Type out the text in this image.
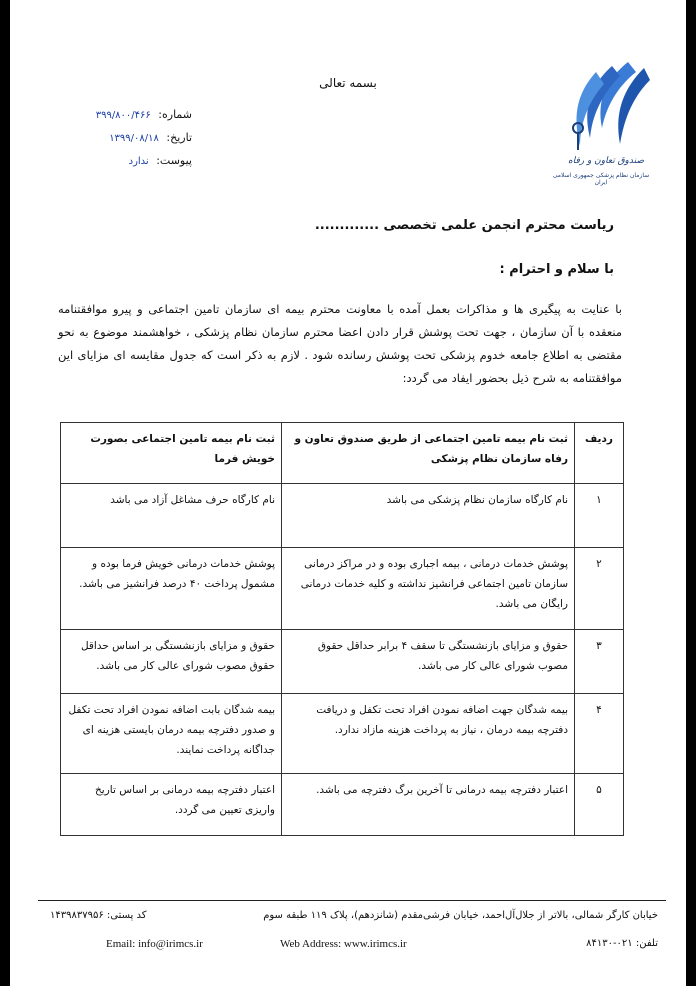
بسمه تعالی
صندوق تعاون و رفاه
سازمان نظام پزشکی جمهوری اسلامی ایران
شماره: ۳۹۹/۸۰۰/۴۶۶
تاریخ: ۱۳۹۹/۰۸/۱۸
پیوست: ندارد
ریاست محترم انجمن علمی تخصصی .............
با سلام و احترام :
با عنایت به پیگیری ها و مذاکرات بعمل آمده با معاونت محترم بیمه ای سازمان تامین اجتماعی و پیرو موافقتنامه منعقده با آن سازمان ، جهت تحت پوشش قرار دادن اعضا محترم سازمان نظام پزشکی ، خواهشمند موضوع به نحو مقتضی به اطلاع جامعه خدوم پزشکی تحت پوشش رسانده شود . لازم به ذکر است که جدول مقایسه ای مزایای این موافقتنامه به شرح ذیل بحضور ایفاد می گردد:
ردیف	ثبت نام بیمه تامین اجتماعی از طریق صندوق تعاون و رفاه سازمان نظام پزشکی	ثبت نام بیمه تامین اجتماعی بصورت خویش فرما
۱	نام کارگاه سازمان نظام پزشکی می باشد	نام کارگاه حرف مشاغل آزاد می باشد
۲	پوشش خدمات درمانی ، بیمه اجباری بوده و در مراکز درمانی سازمان تامین اجتماعی فرانشیز نداشته و کلیه خدمات درمانی رایگان می باشد.	پوشش خدمات درمانی خویش فرما بوده و مشمول پرداخت ۴۰ درصد فرانشیز می باشد.
۳	حقوق و مزایای بازنشستگی تا سقف ۴ برابر حداقل حقوق مصوب شورای عالی کار می باشد.	حقوق و مزایای بازنشستگی بر اساس حداقل حقوق مصوب شورای عالی کار می باشد.
۴	بیمه شدگان جهت اضافه نمودن افراد تحت تکفل و دریافت دفترچه بیمه درمان ، نیاز به پرداخت هزینه مازاد ندارد.	بیمه شدگان بابت اضافه نمودن افراد تحت تکفل و صدور دفترچه بیمه درمان بایستی هزینه ای جداگانه پرداخت نمایند.
۵	اعتبار دفترچه بیمه درمانی تا آخرین برگ دفترچه می باشد.	اعتبار دفترچه بیمه درمانی بر اساس تاریخ واریزی تعیین می گردد.
خیابان کارگر شمالی، بالاتر از جلال‌آل‌احمد، خیابان فرشی‌مقدم (شانزدهم)، پلاک ۱۱۹ طبقه سوم
کد پستی: ۱۴۳۹۸۳۷۹۵۶
تلفن: ۰۲۱-۸۴۱۳۰
Web Address: www.irimcs.ir
Email: info@irimcs.ir
